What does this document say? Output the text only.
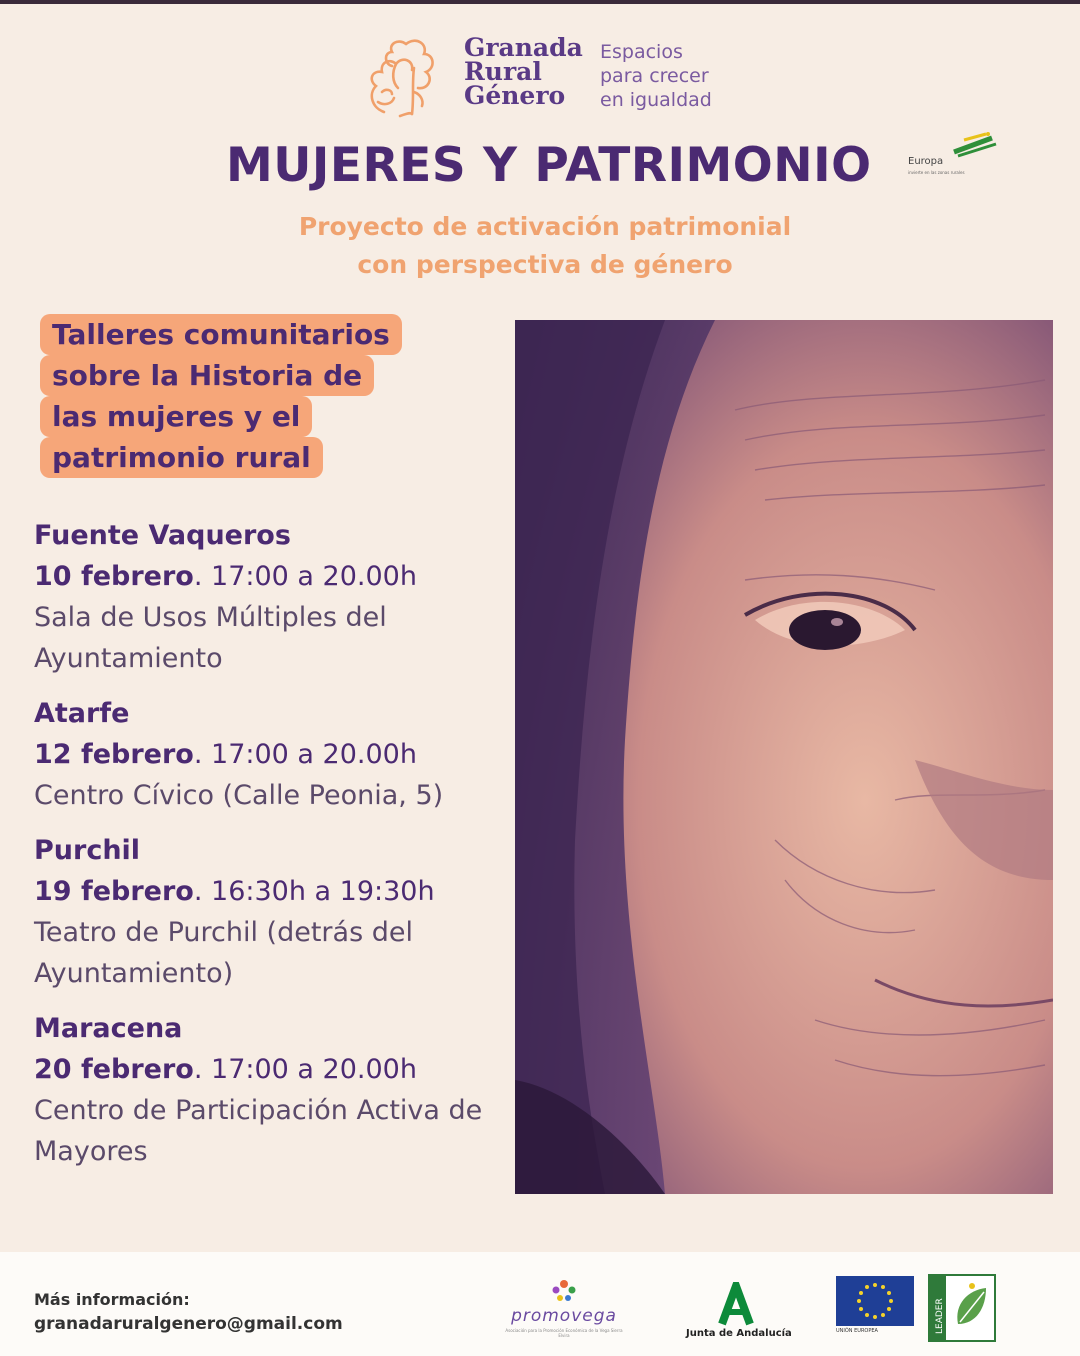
Granada
Rural
Género
Espacios
para crecer
en igualdad
MUJERES Y PATRIMONIO	Europa
invierte en las zonas rurales
Proyecto de activación patrimonial
con perspectiva de género
Talleres comunitarios
sobre la Historia de
las mujeres y el
patrimonio rural
Fuente Vaqueros
10 febrero. 17:00 a 20.00h
Sala de Usos Múltiples del Ayuntamiento
Atarfe
12 febrero. 17:00 a 20.00h
Centro Cívico (Calle Peonia, 5)
Purchil
19 febrero. 16:30h a 19:30h
Teatro de Purchil (detrás del Ayuntamiento)
Maracena
20 febrero. 17:00 a 20.00h
Centro de Participación Activa de Mayores
Más información:
granadaruralgenero@gmail.com	promovega
Asociación para la Promoción Económica de la Vega Sierra Elvira	Junta de Andalucía	UNIÓN EUROPEA	LEADER
